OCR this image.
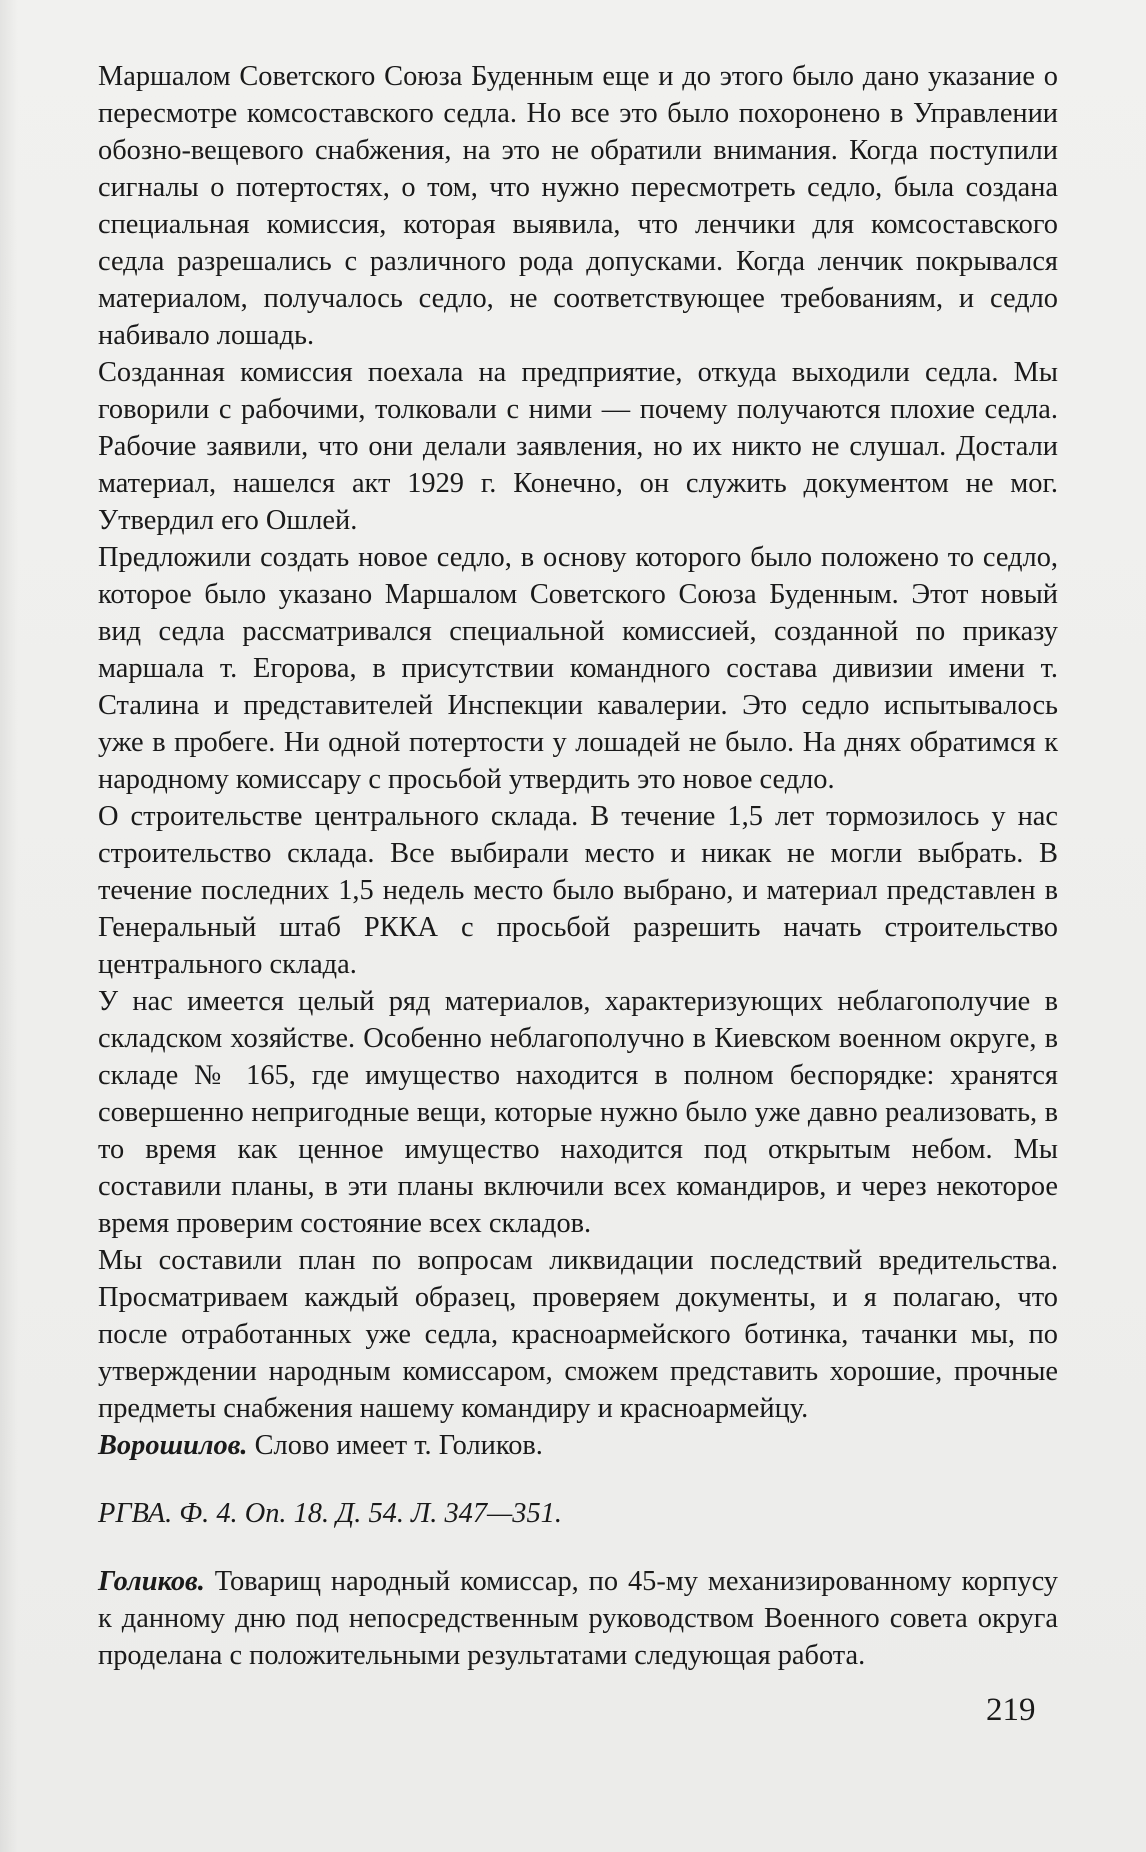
Маршалом Советского Союза Буденным еще и до этого было дано указание о пересмотре комсоставского седла. Но все это было похоронено в Управлении обозно-вещевого снабжения, на это не обратили внимания. Когда поступили сигналы о потертостях, о том, что нужно пересмотреть седло, была создана специальная комиссия, которая выявила, что ленчики для комсоставского седла разрешались с различного рода допусками. Когда ленчик покрывался материалом, получалось седло, не соответствующее требованиям, и седло набивало лошадь.

Созданная комиссия поехала на предприятие, откуда выходили седла. Мы говорили с рабочими, толковали с ними — почему получаются плохие седла. Рабочие заявили, что они делали заявления, но их никто не слушал. Достали материал, нашелся акт 1929 г. Конечно, он служить документом не мог. Утвердил его Ошлей.

Предложили создать новое седло, в основу которого было положено то седло, которое было указано Маршалом Советского Союза Буденным. Этот новый вид седла рассматривался специальной комиссией, созданной по приказу маршала т. Егорова, в присутствии командного состава дивизии имени т. Сталина и представителей Инспекции кавалерии. Это седло испытывалось уже в пробеге. Ни одной потертости у лошадей не было. На днях обратимся к народному комиссару с просьбой утвердить это новое седло.

О строительстве центрального склада. В течение 1,5 лет тормозилось у нас строительство склада. Все выбирали место и никак не могли выбрать. В течение последних 1,5 недель место было выбрано, и материал представлен в Генеральный штаб РККА с просьбой разрешить начать строительство центрального склада.

У нас имеется целый ряд материалов, характеризующих неблагополучие в складском хозяйстве. Особенно неблагополучно в Киевском военном округе, в складе № 165, где имущество находится в полном беспорядке: хранятся совершенно непригодные вещи, которые нужно было уже давно реализовать, в то время как ценное имущество находится под открытым небом. Мы составили планы, в эти планы включили всех командиров, и через некоторое время проверим состояние всех складов.

Мы составили план по вопросам ликвидации последствий вредительства. Просматриваем каждый образец, проверяем документы, и я полагаю, что после отработанных уже седла, красноармейского ботинка, тачанки мы, по утверждении народным комиссаром, сможем представить хорошие, прочные предметы снабжения нашему командиру и красноармейцу.

Ворошилов. Слово имеет т. Голиков.

РГВА. Ф. 4. Оп. 18. Д. 54. Л. 347—351.

Голиков. Товарищ народный комиссар, по 45-му механизированному корпусу к данному дню под непосредственным руководством Военного совета округа проделана с положительными результатами следующая работа.

219
